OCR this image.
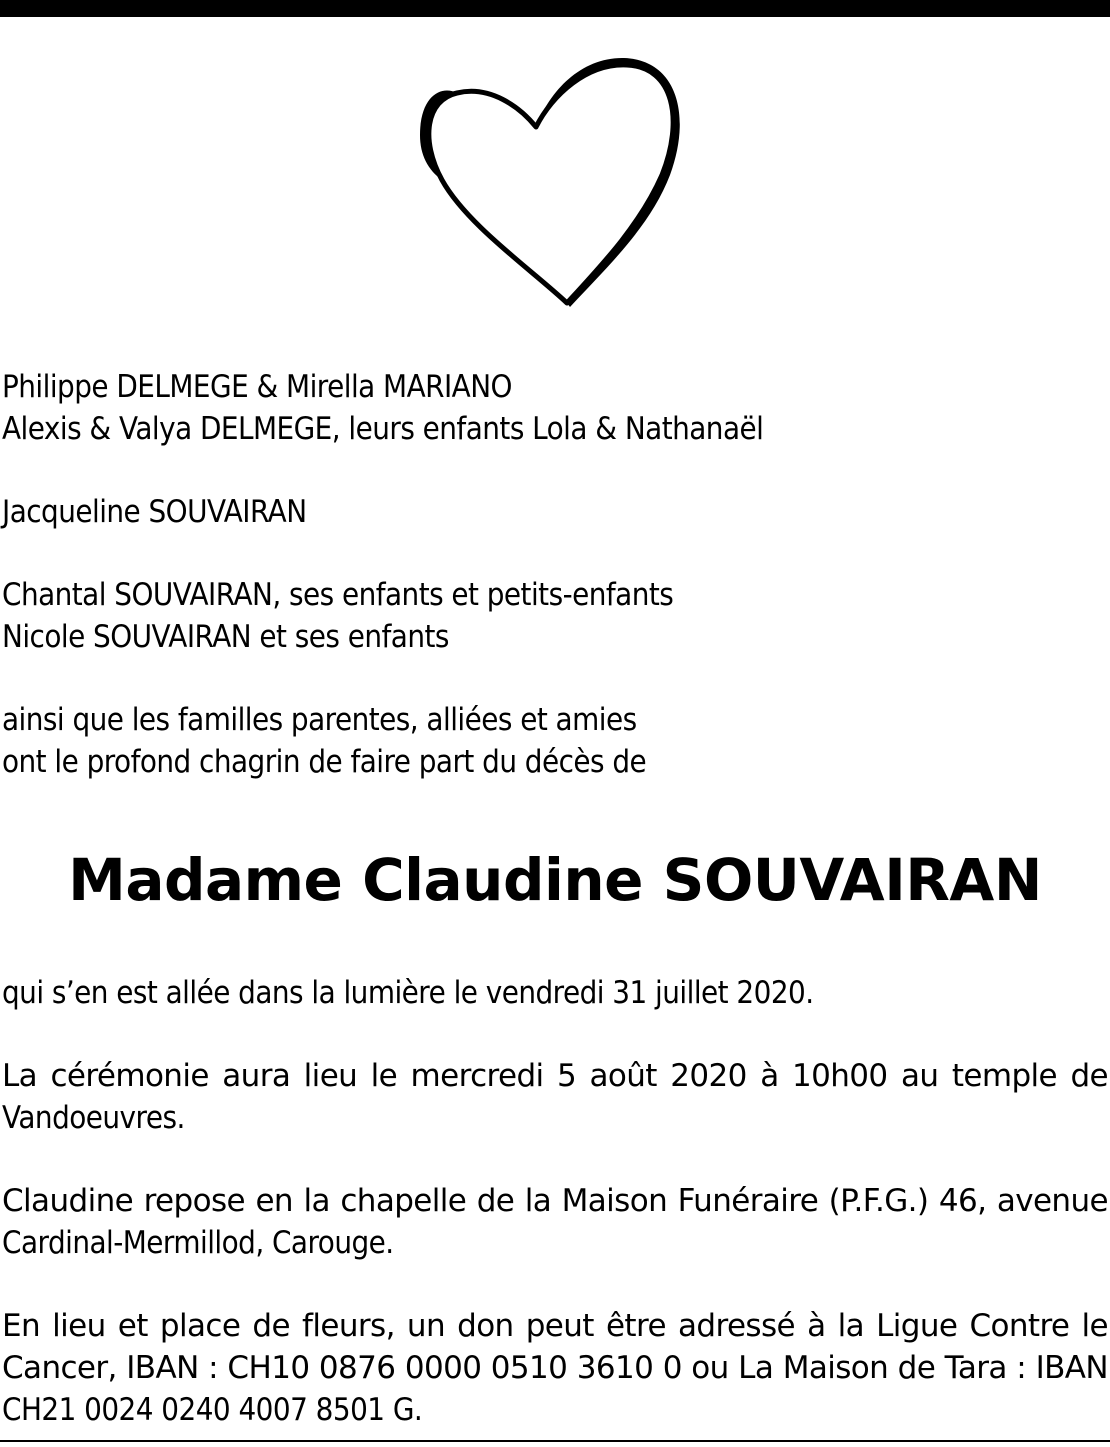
Philippe DELMEGE & Mirella MARIANO
Alexis & Valya DELMEGE, leurs enfants Lola & Nathanaël
Jacqueline SOUVAIRAN
Chantal SOUVAIRAN, ses enfants et petits-enfants
Nicole SOUVAIRAN et ses enfants
ainsi que les familles parentes, alliées et amies
ont le profond chagrin de faire part du décès de
Madame Claudine SOUVAIRAN
qui s’en est allée dans la lumière le vendredi 31 juillet 2020.
La cérémonie aura lieu le mercredi 5 août 2020 à 10h00 au temple de
Vandoeuvres.
Claudine repose en la chapelle de la Maison Funéraire (P.F.G.) 46, avenue
Cardinal-Mermillod, Carouge.
En lieu et place de fleurs, un don peut être adressé à la Ligue Contre le
Cancer, IBAN : CH10 0876 0000 0510 3610 0 ou La Maison de Tara : IBAN
CH21 0024 0240 4007 8501 G.
